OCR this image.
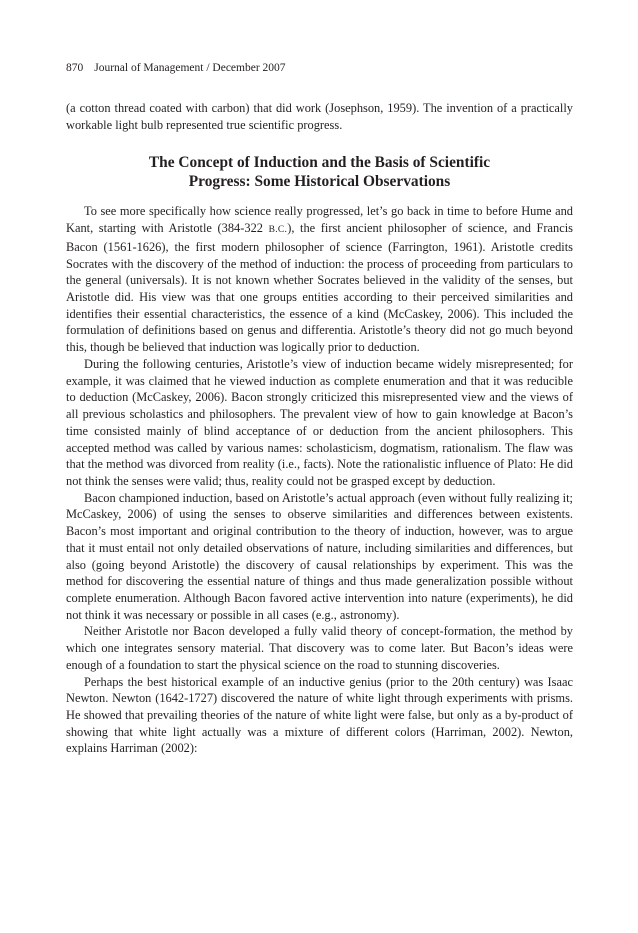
870 Journal of Management / December 2007

(a cotton thread coated with carbon) that did work (Josephson, 1959). The invention of a practically workable light bulb represented true scientific progress.

The Concept of Induction and the Basis of Scientific
Progress: Some Historical Observations

To see more specifically how science really progressed, let’s go back in time to before Hume and Kant, starting with Aristotle (384-322 B.C.), the first ancient philosopher of science, and Francis Bacon (1561-1626), the first modern philosopher of science (Farrington, 1961). Aristotle credits Socrates with the discovery of the method of induction: the process of proceeding from particulars to the general (universals). It is not known whether Socrates believed in the validity of the senses, but Aristotle did. His view was that one groups entities according to their perceived similarities and identifies their essential characteristics, the essence of a kind (McCaskey, 2006). This included the formulation of definitions based on genus and differentia. Aristotle’s theory did not go much beyond this, though be believed that induction was logically prior to deduction.

During the following centuries, Aristotle’s view of induction became widely misrepresented; for example, it was claimed that he viewed induction as complete enumeration and that it was reducible to deduction (McCaskey, 2006). Bacon strongly criticized this misrepresented view and the views of all previous scholastics and philosophers. The prevalent view of how to gain knowledge at Bacon’s time consisted mainly of blind acceptance of or deduction from the ancient philosophers. This accepted method was called by various names: scholasticism, dogmatism, rationalism. The flaw was that the method was divorced from reality (i.e., facts). Note the rationalistic influence of Plato: He did not think the senses were valid; thus, reality could not be grasped except by deduction.

Bacon championed induction, based on Aristotle’s actual approach (even without fully realizing it; McCaskey, 2006) of using the senses to observe similarities and differences between existents. Bacon’s most important and original contribution to the theory of induction, however, was to argue that it must entail not only detailed observations of nature, including similarities and differences, but also (going beyond Aristotle) the discovery of causal relationships by experiment. This was the method for discovering the essential nature of things and thus made generalization possible without complete enumeration. Although Bacon favored active intervention into nature (experiments), he did not think it was necessary or possible in all cases (e.g., astronomy).

Neither Aristotle nor Bacon developed a fully valid theory of concept-formation, the method by which one integrates sensory material. That discovery was to come later. But Bacon’s ideas were enough of a foundation to start the physical science on the road to stunning discoveries.

Perhaps the best historical example of an inductive genius (prior to the 20th century) was Isaac Newton. Newton (1642-1727) discovered the nature of white light through experiments with prisms. He showed that prevailing theories of the nature of white light were false, but only as a by-product of showing that white light actually was a mixture of different colors (Harriman, 2002). Newton, explains Harriman (2002):
